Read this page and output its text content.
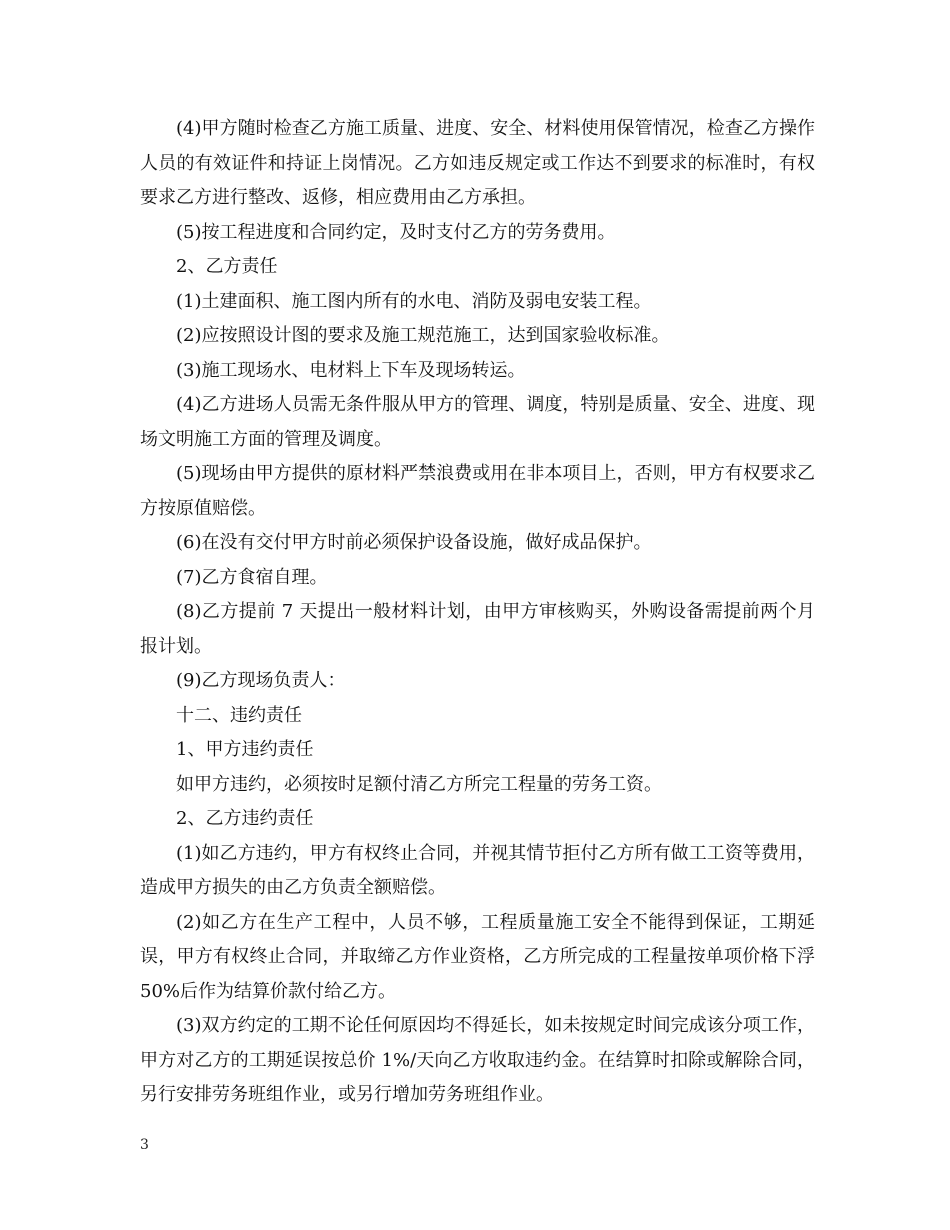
(4)甲方随时检查乙方施工质量、进度、安全、材料使用保管情况，检查乙方操作人员的有效证件和持证上岗情况。乙方如违反规定或工作达不到要求的标准时，有权要求乙方进行整改、返修，相应费用由乙方承担。

(5)按工程进度和合同约定，及时支付乙方的劳务费用。

2、乙方责任

(1)土建面积、施工图内所有的水电、消防及弱电安装工程。

(2)应按照设计图的要求及施工规范施工，达到国家验收标准。

(3)施工现场水、电材料上下车及现场转运。

(4)乙方进场人员需无条件服从甲方的管理、调度，特别是质量、安全、进度、现场文明施工方面的管理及调度。

(5)现场由甲方提供的原材料严禁浪费或用在非本项目上，否则，甲方有权要求乙方按原值赔偿。

(6)在没有交付甲方时前必须保护设备设施，做好成品保护。

(7)乙方食宿自理。

(8)乙方提前 7 天提出一般材料计划，由甲方审核购买，外购设备需提前两个月报计划。

(9)乙方现场负责人：

十二、违约责任

1、甲方违约责任

如甲方违约，必须按时足额付清乙方所完工程量的劳务工资。

2、乙方违约责任

(1)如乙方违约，甲方有权终止合同，并视其情节拒付乙方所有做工工资等费用，造成甲方损失的由乙方负责全额赔偿。

(2)如乙方在生产工程中，人员不够，工程质量施工安全不能得到保证，工期延误，甲方有权终止合同，并取缔乙方作业资格，乙方所完成的工程量按单项价格下浮 50%后作为结算价款付给乙方。

(3)双方约定的工期不论任何原因均不得延长，如未按规定时间完成该分项工作，甲方对乙方的工期延误按总价 1%/天向乙方收取违约金。在结算时扣除或解除合同，另行安排劳务班组作业，或另行增加劳务班组作业。

3
